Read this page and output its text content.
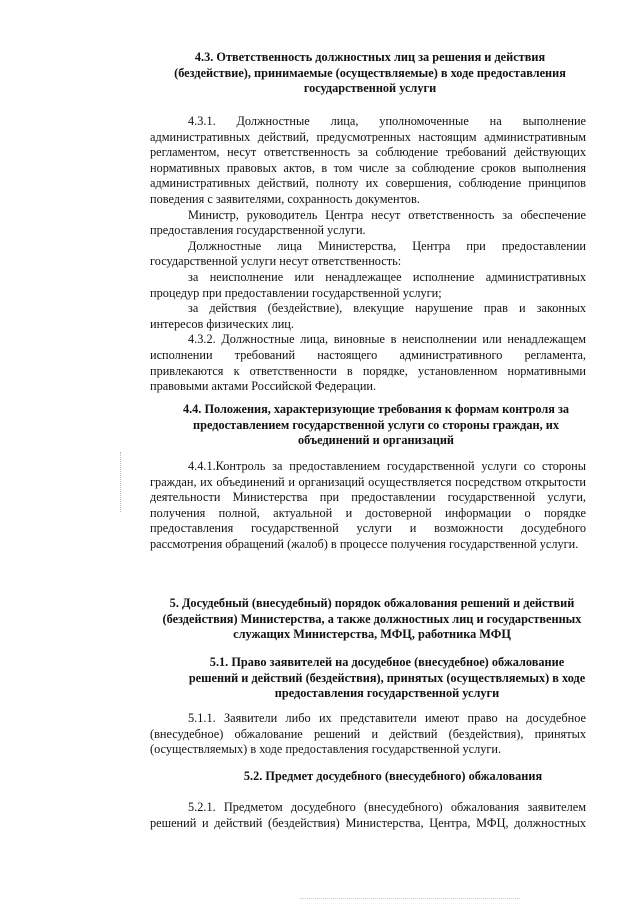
4.3. Ответственность должностных лиц за решения и действия (бездействие), принимаемые (осуществляемые) в ходе предоставления государственной услуги

4.3.1. Должностные лица, уполномоченные на выполнение административных действий, предусмотренных настоящим административным регламентом, несут ответственность за соблюдение требований действующих нормативных правовых актов, в том числе за соблюдение сроков выполнения административных действий, полноту их совершения, соблюдение принципов поведения с заявителями, сохранность документов.

Министр, руководитель Центра несут ответственность за обеспечение предоставления государственной услуги.

Должностные лица Министерства, Центра при предоставлении государственной услуги несут ответственность:

за неисполнение или ненадлежащее исполнение административных процедур при предоставлении государственной услуги;

за действия (бездействие), влекущие нарушение прав и законных интересов физических лиц.

4.3.2. Должностные лица, виновные в неисполнении или ненадлежащем исполнении требований настоящего административного регламента, привлекаются к ответственности в порядке, установленном нормативными правовыми актами Российской Федерации.

4.4. Положения, характеризующие требования к формам контроля за предоставлением государственной услуги со стороны граждан, их объединений и организаций

4.4.1.Контроль за предоставлением государственной услуги со стороны граждан, их объединений и организаций осуществляется посредством открытости деятельности Министерства при предоставлении государственной услуги, получения полной, актуальной и достоверной информации о порядке предоставления государственной услуги и возможности досудебного рассмотрения обращений (жалоб) в процессе получения государственной услуги.

5. Досудебный (внесудебный) порядок обжалования решений и действий (бездействия) Министерства, а также должностных лиц и государственных служащих Министерства, МФЦ, работника МФЦ
5.1. Право заявителей на досудебное (внесудебное) обжалование решений и действий (бездействия), принятых (осуществляемых) в ходе предоставления государственной услуги

5.1.1. Заявители либо их представители имеют право на досудебное (внесудебное) обжалование решений и действий (бездействия), принятых (осуществляемых) в ходе предоставления государственной услуги.

5.2. Предмет досудебного (внесудебного) обжалования

5.2.1. Предметом досудебного (внесудебного) обжалования заявителем решений и действий (бездействия) Министерства, Центра, МФЦ, должностных
